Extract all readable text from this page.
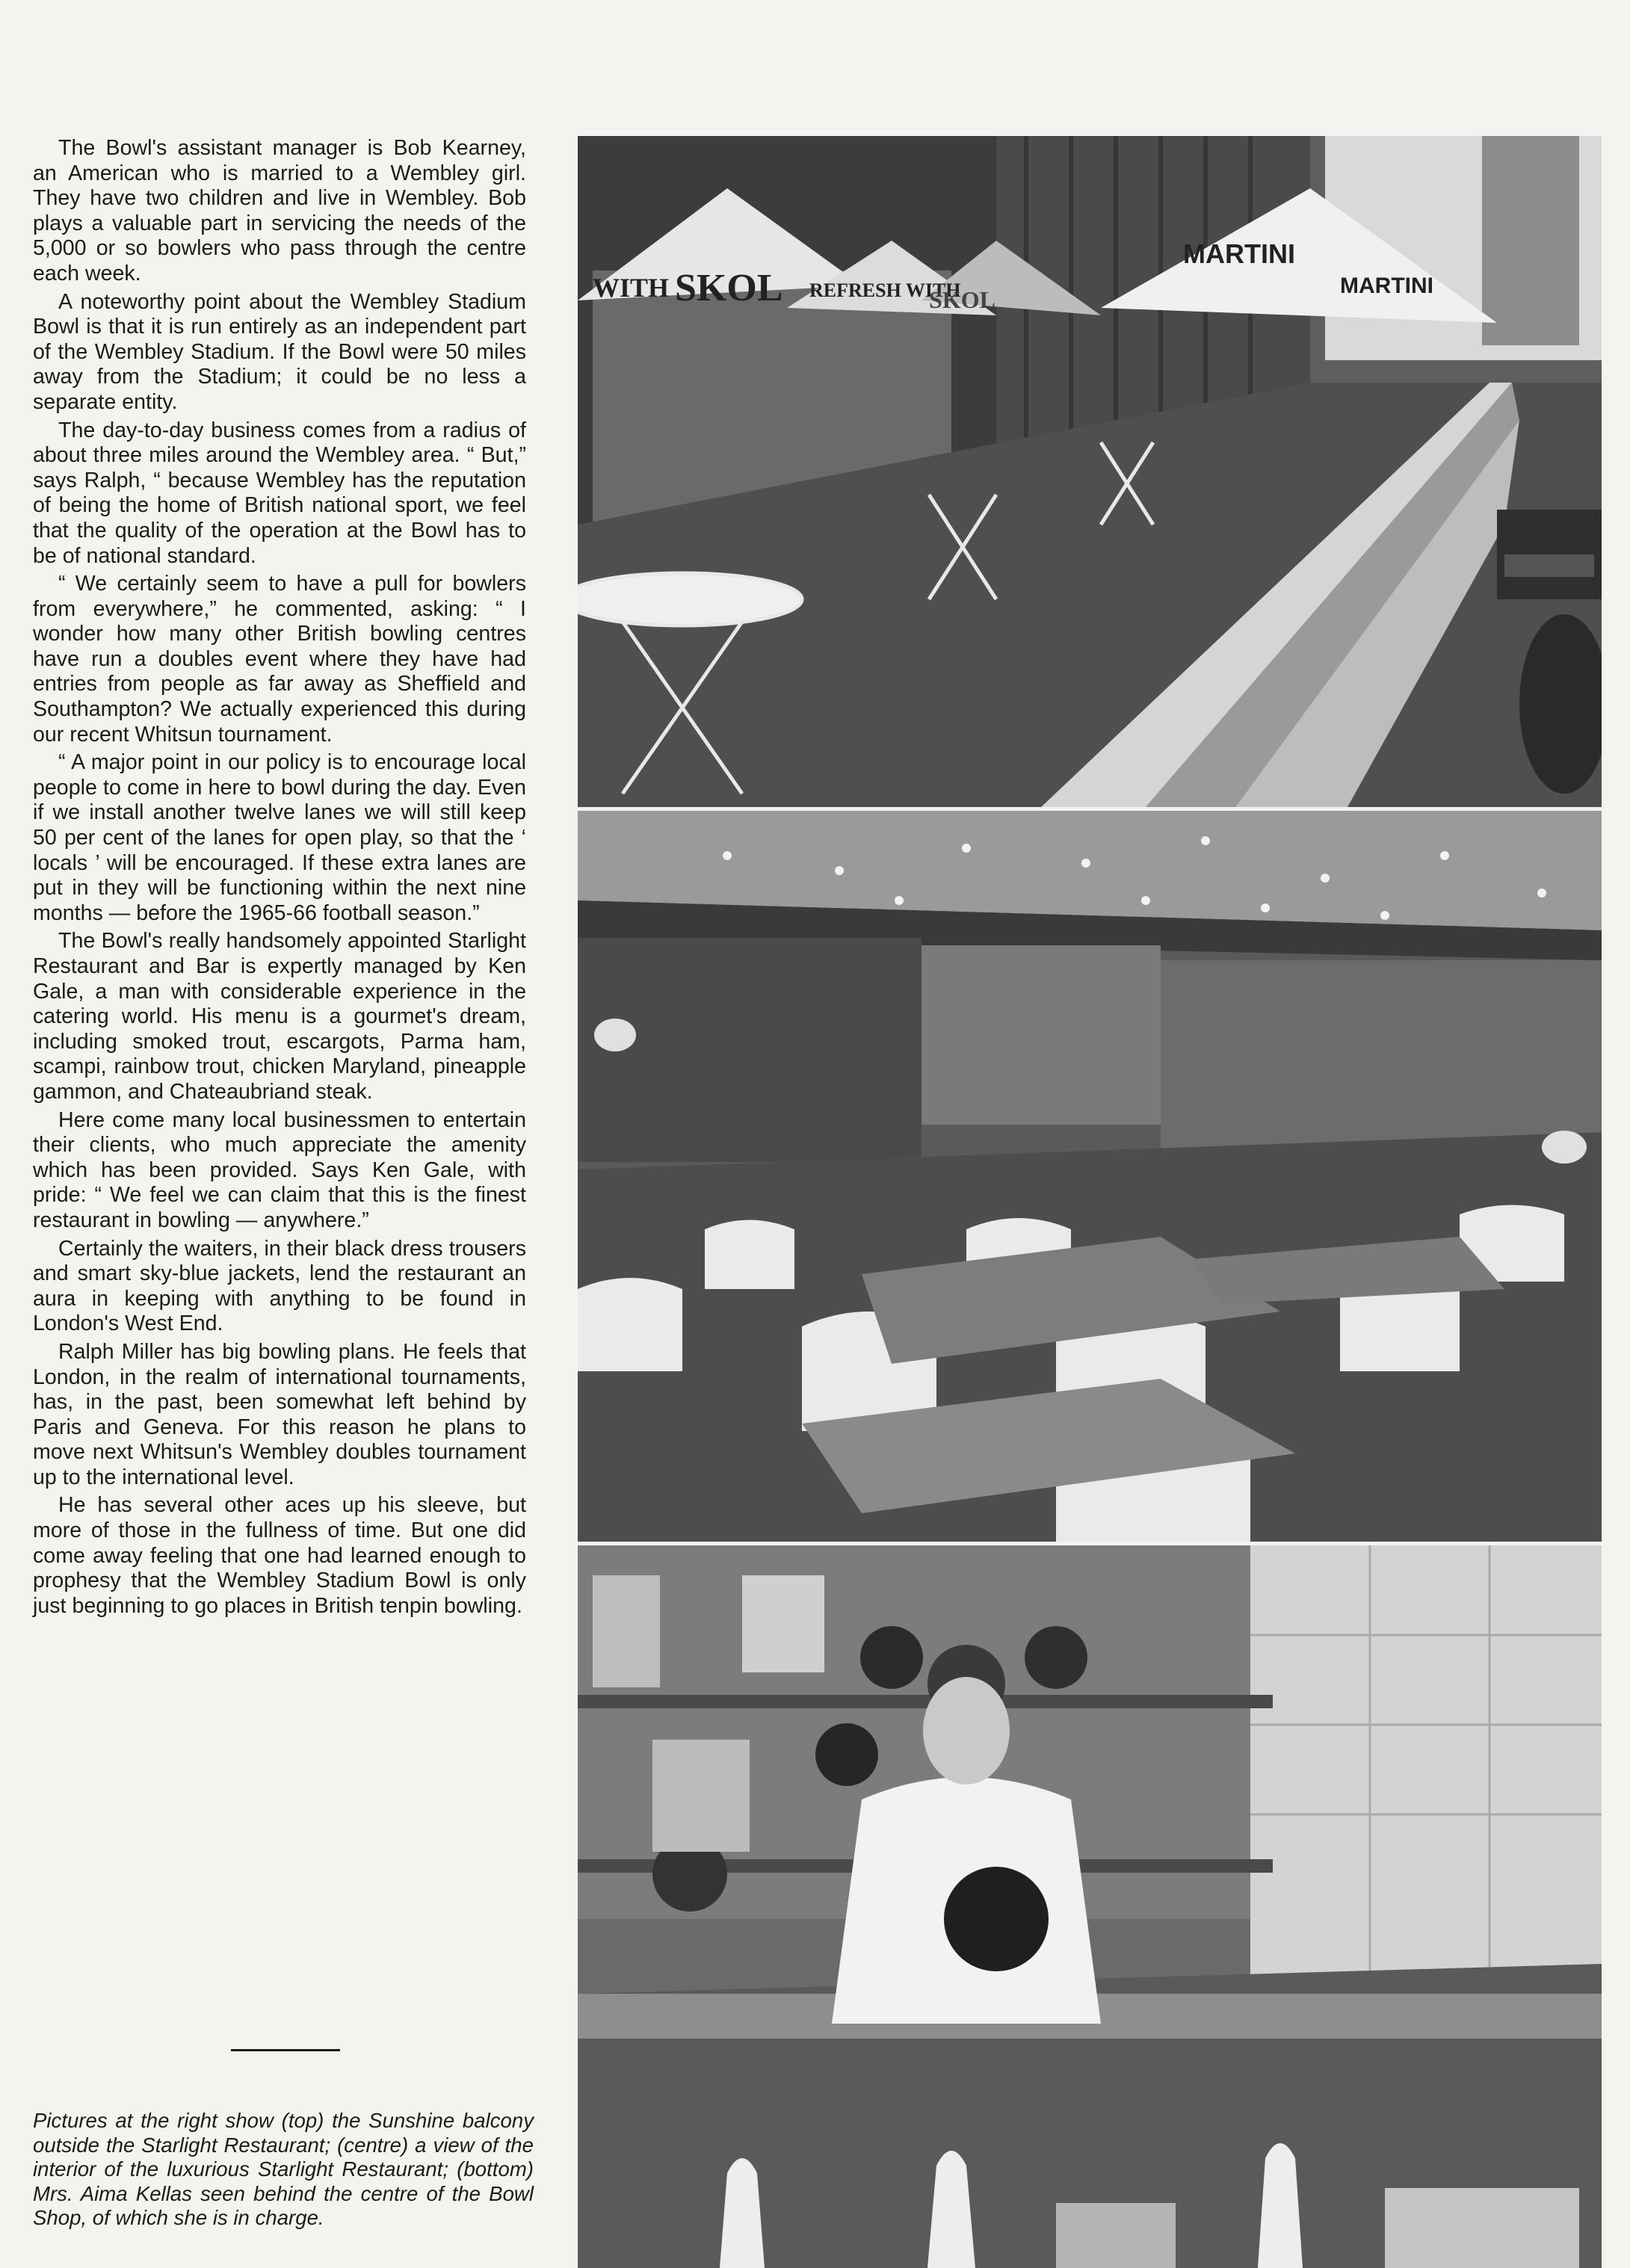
The Bowl's assistant manager is Bob Kearney, an American who is married to a Wembley girl. They have two children and live in Wembley. Bob plays a valuable part in servicing the needs of the 5,000 or so bowlers who pass through the centre each week.

A noteworthy point about the Wembley Stadium Bowl is that it is run entirely as an independent part of the Wembley Stadium. If the Bowl were 50 miles away from the Stadium; it could be no less a separate entity.

The day-to-day business comes from a radius of about three miles around the Wembley area. “ But,” says Ralph, “ because Wembley has the reputation of being the home of British national sport, we feel that the quality of the operation at the Bowl has to be of national standard.

“ We certainly seem to have a pull for bowlers from everywhere,” he commented, asking: “ I wonder how many other British bowling centres have run a doubles event where they have had entries from people as far away as Sheffield and Southampton? We actually experienced this during our recent Whitsun tournament.

“ A major point in our policy is to encourage local people to come in here to bowl during the day. Even if we install another twelve lanes we will still keep 50 per cent of the lanes for open play, so that the ‘ locals ’ will be encouraged. If these extra lanes are put in they will be functioning within the next nine months — before the 1965-66 football season.”

The Bowl's really handsomely appointed Starlight Restaurant and Bar is expertly managed by Ken Gale, a man with considerable experience in the catering world. His menu is a gourmet's dream, including smoked trout, escargots, Parma ham, scampi, rainbow trout, chicken Maryland, pineapple gammon, and Chateaubriand steak.

Here come many local businessmen to entertain their clients, who much appreciate the amenity which has been provided. Says Ken Gale, with pride: “ We feel we can claim that this is the finest restaurant in bowling — anywhere.”

Certainly the waiters, in their black dress trousers and smart sky-blue jackets, lend the restaurant an aura in keeping with anything to be found in London's West End.

Ralph Miller has big bowling plans. He feels that London, in the realm of international tournaments, has, in the past, been somewhat left behind by Paris and Geneva. For this reason he plans to move next Whitsun's Wembley doubles tournament up to the international level.

He has several other aces up his sleeve, but more of those in the fullness of time. But one did come away feeling that one had learned enough to prophesy that the Wembley Stadium Bowl is only just beginning to go places in British tenpin bowling.

Pictures at the right show (top) the Sunshine balcony outside the Starlight Restaurant; (centre) a view of the interior of the luxurious Starlight Restaurant; (bottom) Mrs. Aima Kellas seen behind the centre of the Bowl Shop, of which she is in charge.
WITH SKOL REFRESH WITH
SKOL
MARTINI
MARTINI
